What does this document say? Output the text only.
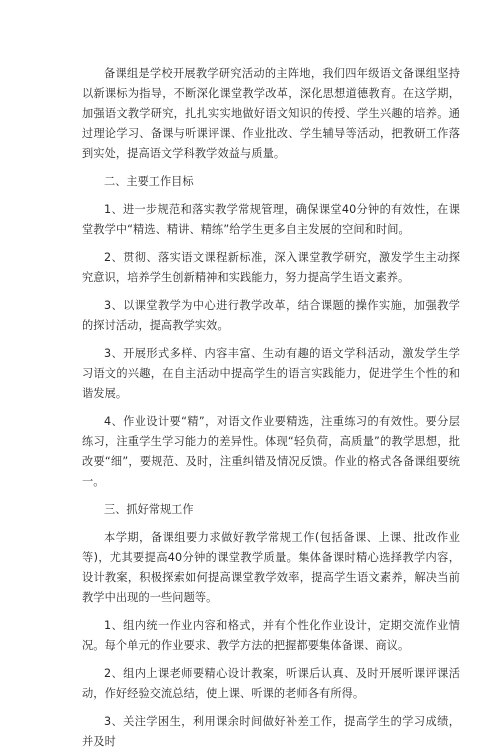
备课组是学校开展教学研究活动的主阵地，我们四年级语文备课组坚持以新课标为指导，不断深化课堂教学改革，深化思想道德教育。在这学期，加强语文教学研究，扎扎实实地做好语文知识的传授、学生兴趣的培养。通过理论学习、备课与听课评课、作业批改、学生辅导等活动，把教研工作落到实处，提高语文学科教学效益与质量。

二、主要工作目标

1、进一步规范和落实教学常规管理，确保课堂40分钟的有效性，在课堂教学中“精选、精讲、精练”给学生更多自主发展的空间和时间。

2、贯彻、落实语文课程新标准，深入课堂教学研究，激发学生主动探究意识，培养学生创新精神和实践能力，努力提高学生语文素养。

3、以课堂教学为中心进行教学改革，结合课题的操作实施，加强教学的探讨活动，提高教学实效。

3、开展形式多样、内容丰富、生动有趣的语文学科活动，激发学生学习语文的兴趣，在自主活动中提高学生的语言实践能力，促进学生个性的和谐发展。

4、作业设计要“精”，对语文作业要精选，注重练习的有效性。要分层练习，注重学生学习能力的差异性。体现“轻负荷，高质量”的教学思想，批改要“细”，要规范、及时，注重纠错及情况反馈。作业的格式各备课组要统一。

三、抓好常规工作

本学期，备课组要力求做好教学常规工作(包括备课、上课、批改作业等)，尤其要提高40分钟的课堂教学质量。集体备课时精心选择教学内容，设计教案，积极探索如何提高课堂教学效率，提高学生语文素养，解决当前教学中出现的一些问题等。

1、组内统一作业内容和格式，并有个性化作业设计，定期交流作业情况。每个单元的作业要求、教学方法的把握都要集体备课、商议。

2、组内上课老师要精心设计教案，听课后认真、及时开展听课评课活动，作好经验交流总结，使上课、听课的老师各有所得。

3、关注学困生，利用课余时间做好补差工作，提高学生的学习成绩，并及时
